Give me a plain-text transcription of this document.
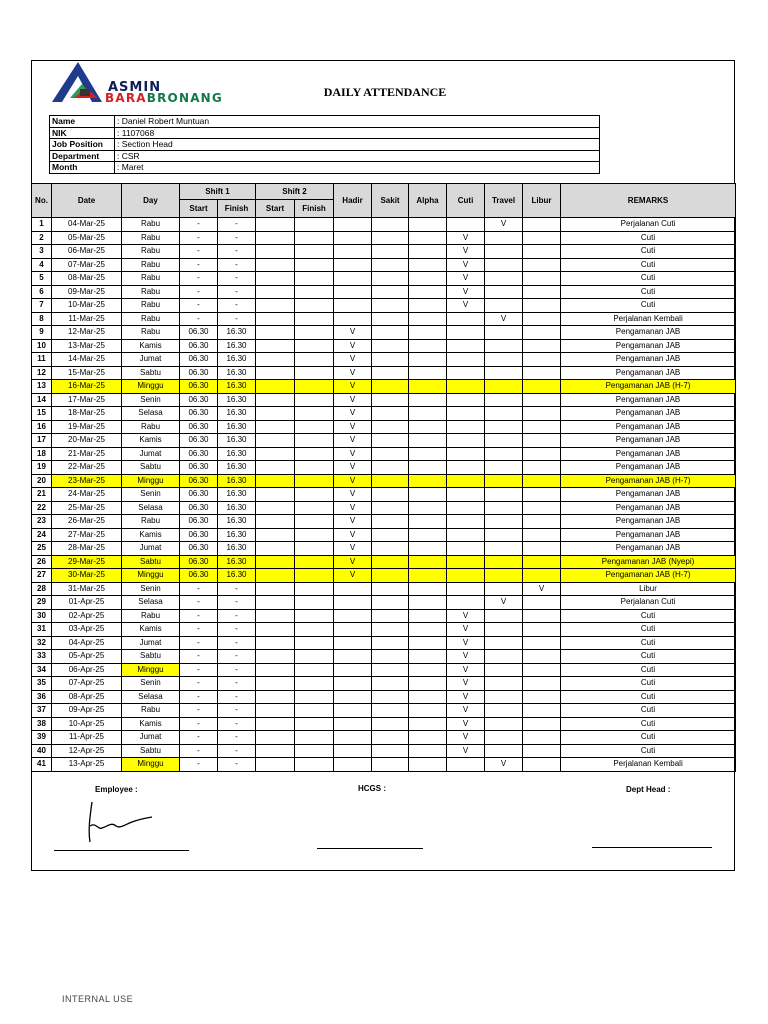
ASMIN
BARABRONANG	DAILY ATTENDANCE
Name	: Daniel Robert Muntuan
NIK	: 1107068
Job Position	: Section Head
Department	: CSR
Month	: Maret
No.	Date	Day	Shift 1		Shift 2		Hadir	Sakit	Alpha	Cuti	Travel	Libur	REMARKS
			Start	Finish	Start	Finish							
1	04-Mar-25	Rabu	-	-							V		Perjalanan Cuti
2	05-Mar-25	Rabu	-	-						V			Cuti
3	06-Mar-25	Rabu	-	-						V			Cuti
4	07-Mar-25	Rabu	-	-						V			Cuti
5	08-Mar-25	Rabu	-	-						V			Cuti
6	09-Mar-25	Rabu	-	-						V			Cuti
7	10-Mar-25	Rabu	-	-						V			Cuti
8	11-Mar-25	Rabu	-	-							V		Perjalanan Kembali
9	12-Mar-25	Rabu	06.30	16.30			V						Pengamanan JAB
10	13-Mar-25	Kamis	06.30	16.30			V						Pengamanan JAB
11	14-Mar-25	Jumat	06.30	16.30			V						Pengamanan JAB
12	15-Mar-25	Sabtu	06.30	16.30			V						Pengamanan JAB
13	16-Mar-25	Minggu	06.30	16.30			V						Pengamanan JAB (H-7)
14	17-Mar-25	Senin	06.30	16.30			V						Pengamanan JAB
15	18-Mar-25	Selasa	06.30	16.30			V						Pengamanan JAB
16	19-Mar-25	Rabu	06.30	16.30			V						Pengamanan JAB
17	20-Mar-25	Kamis	06.30	16.30			V						Pengamanan JAB
18	21-Mar-25	Jumat	06.30	16.30			V						Pengamanan JAB
19	22-Mar-25	Sabtu	06.30	16.30			V						Pengamanan JAB
20	23-Mar-25	Minggu	06.30	16.30			V						Pengamanan JAB (H-7)
21	24-Mar-25	Senin	06.30	16.30			V						Pengamanan JAB
22	25-Mar-25	Selasa	06.30	16.30			V						Pengamanan JAB
23	26-Mar-25	Rabu	06.30	16.30			V						Pengamanan JAB
24	27-Mar-25	Kamis	06.30	16.30			V						Pengamanan JAB
25	28-Mar-25	Jumat	06.30	16.30			V						Pengamanan JAB
26	29-Mar-25	Sabtu	06.30	16.30			V						Pengamanan JAB (Nyepi)
27	30-Mar-25	Minggu	06.30	16.30			V						Pengamanan JAB (H-7)
28	31-Mar-25	Senin	-	-								V	Libur
29	01-Apr-25	Selasa	-	-							V		Perjalanan Cuti
30	02-Apr-25	Rabu	-	-						V			Cuti
31	03-Apr-25	Kamis	-	-						V			Cuti
32	04-Apr-25	Jumat	-	-						V			Cuti
33	05-Apr-25	Sabtu	-	-						V			Cuti
34	06-Apr-25	Minggu	-	-						V			Cuti
35	07-Apr-25	Senin	-	-						V			Cuti
36	08-Apr-25	Selasa	-	-						V			Cuti
37	09-Apr-25	Rabu	-	-						V			Cuti
38	10-Apr-25	Kamis	-	-						V			Cuti
39	11-Apr-25	Jumat	-	-						V			Cuti
40	12-Apr-25	Sabtu	-	-						V			Cuti
41	13-Apr-25	Minggu	-	-							V		Perjalanan Kembali
Employee :	HCGS :	Dept Head :
INTERNAL USE
